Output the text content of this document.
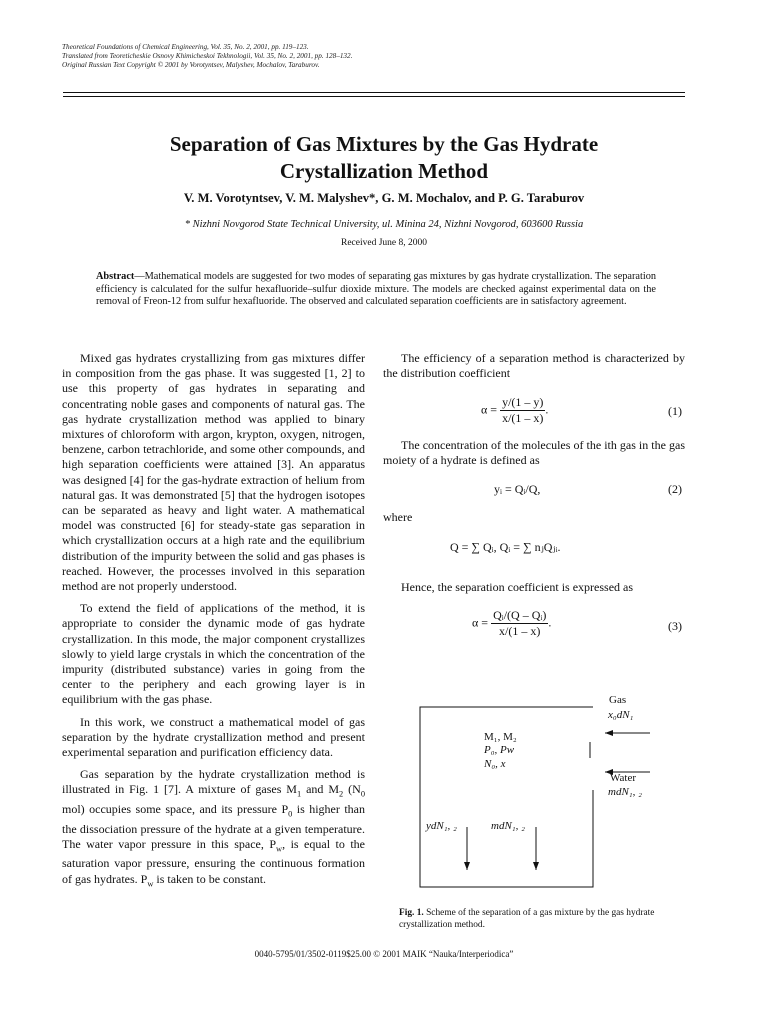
Theoretical Foundations of Chemical Engineering, Vol. 35, No. 2, 2001, pp. 119–123.
Translated from Teoreticheskie Osnovy Khimicheskoi Tekhnologii, Vol. 35, No. 2, 2001, pp. 128–132.
Original Russian Text Copyright © 2001 by Vorotyntsev, Malyshev, Mochalov, Taraburov.
Separation of Gas Mixtures by the Gas Hydrate
Crystallization Method
V. M. Vorotyntsev, V. M. Malyshev*, G. M. Mochalov, and P. G. Taraburov
* Nizhni Novgorod State Technical University, ul. Minina 24, Nizhni Novgorod, 603600 Russia
Received June 8, 2000
Abstract—Mathematical models are suggested for two modes of separating gas mixtures by gas hydrate crystallization. The separation efficiency is calculated for the sulfur hexafluoride–sulfur dioxide mixture. The models are checked against experimental data on the removal of Freon-12 from sulfur hexafluoride. The observed and calculated separation coefficients are in satisfactory agreement.

Mixed gas hydrates crystallizing from gas mixtures differ in composition from the gas phase. It was suggested [1, 2] to use this property of gas hydrates in separating and concentrating noble gases and components of natural gas. The gas hydrate crystallization method was applied to binary mixtures of chloroform with argon, krypton, oxygen, nitrogen, benzene, carbon tetrachloride, and some other compounds, and high separation coefficients were attained [3]. An apparatus was designed [4] for the gas-hydrate extraction of helium from natural gas. It was demonstrated [5] that the hydrogen isotopes can be separated as heavy and light water. A mathematical model was constructed [6] for steady-state gas separation in which crystallization occurs at a high rate and the equilibrium distribution of the impurity between the solid and gas phases is reached. However, the processes involved in this separation method are not properly understood.

To extend the field of applications of the method, it is appropriate to consider the dynamic mode of gas hydrate crystallization. In this mode, the major component crystallizes slowly to yield large crystals in which the concentration of the impurity (distributed substance) varies in going from the center to the periphery and each growing layer is in equilibrium with the gas phase.

In this work, we construct a mathematical model of gas separation by the hydrate crystallization method and present experimental separation and purification efficiency data.

Gas separation by the hydrate crystallization method is illustrated in Fig. 1 [7]. A mixture of gases $M_1$ and $M_2$ ($N_0$ mol) occupies some space, and its pressure $P_0$ is higher than the dissociation pressure of the hydrate at a given temperature. The water vapor pressure in this space, $P_w$, is equal to the saturation vapor pressure, ensuring the continuous formation of gas hydrates. $P_w$ is taken to be constant.

The efficiency of a separation method is characterized by the distribution coefficient

$\alpha = \frac{y/(1 - y)}{x/(1 - x)}$ .	(1)

The concentration of the molecules of the ith gas in the gas moiety of a hydrate is defined as

yᵢ = Qᵢ/Q,	(2)
where
Q = ∑ Qᵢ, Qᵢ = ∑ nⱼQⱼᵢ.

Hence, the separation coefficient is expressed as

$\alpha = \frac{\text{Qᵢ/(Q – Qᵢ)}}{x/(1 - x)}$ .	(3)
Gas
x₀dN₁
M₁, M₂
P₀, Pw
N₀, x
Water
mdN₁, ₂
ydN₁, ₂	mdN₁, ₂
Fig. 1. Scheme of the separation of a gas mixture by the gas hydrate crystallization method.
0040-5795/01/3502-0119$25.00 © 2001 MAIK “Nauka/Interperiodica”
